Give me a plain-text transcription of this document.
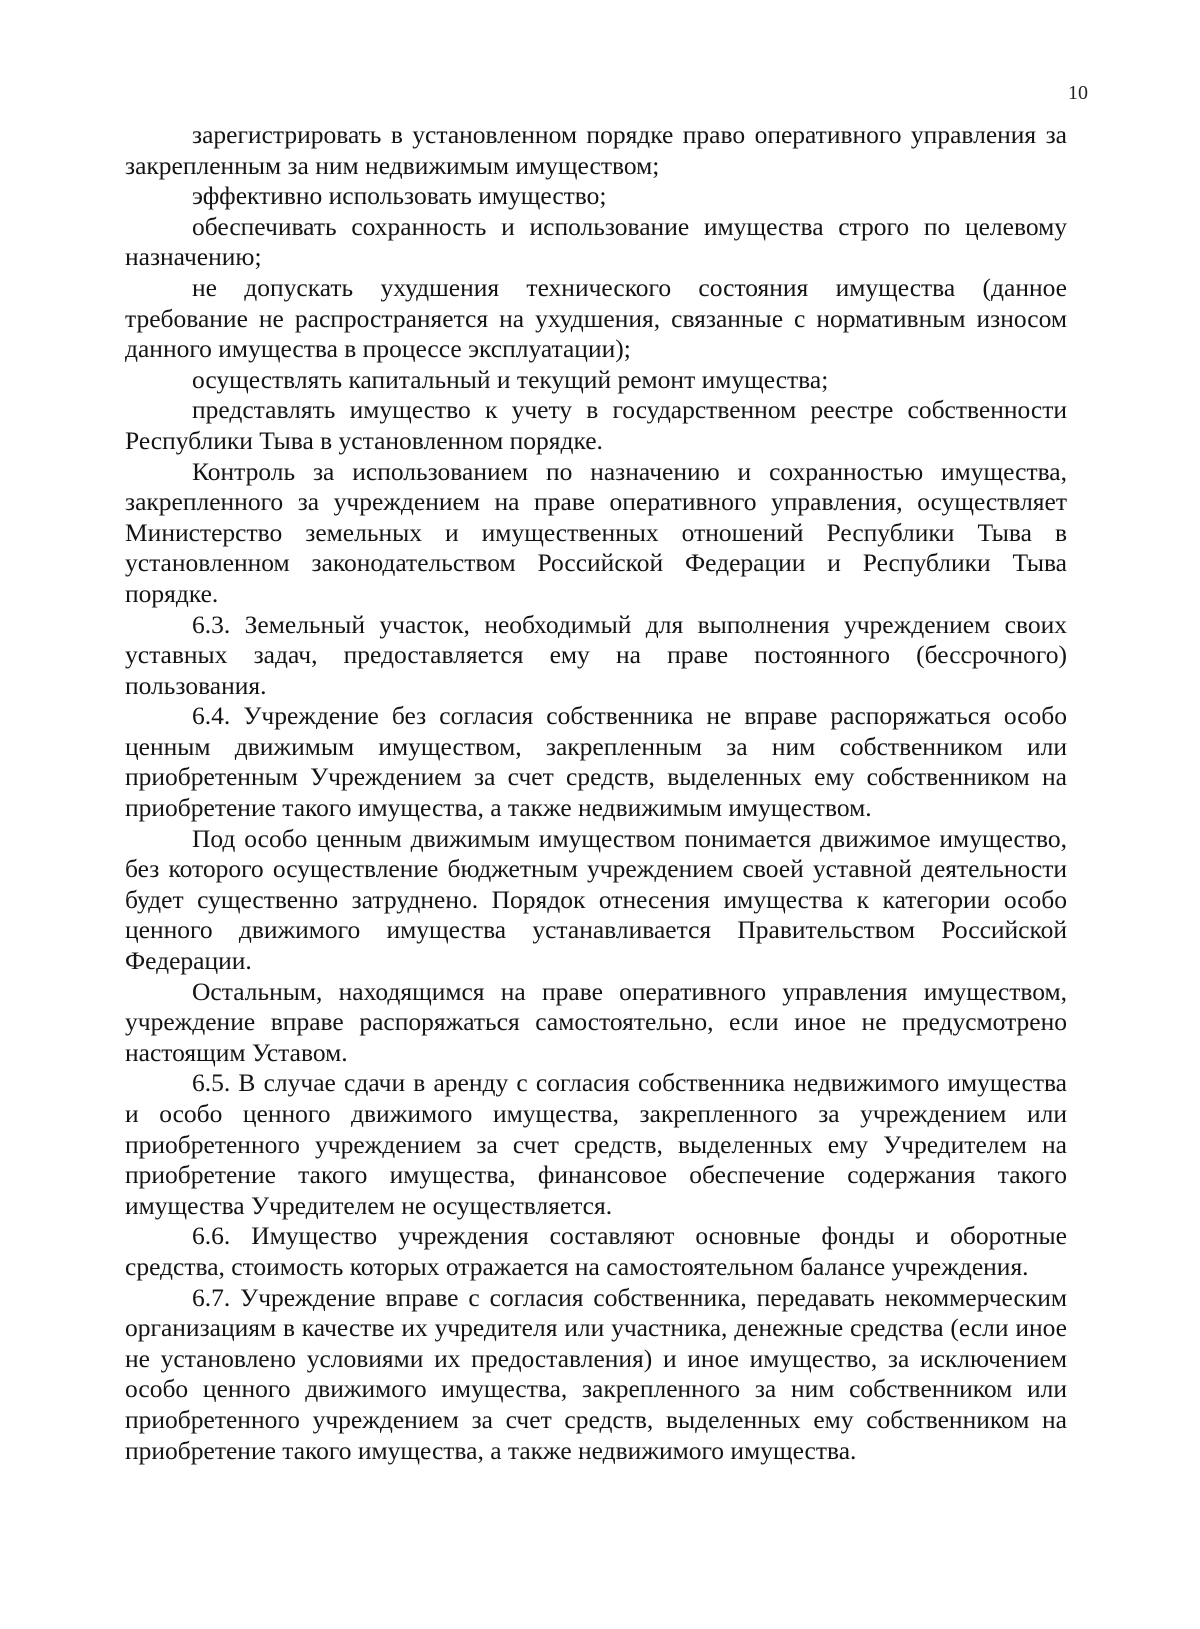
10

зарегистрировать в установленном порядке право оперативного управления за закрепленным за ним недвижимым имуществом;

эффективно использовать имущество;

обеспечивать сохранность и использование имущества строго по целевому назначению;

не допускать ухудшения технического состояния имущества (данное требование не распространяется на ухудшения, связанные с нормативным износом данного имущества в процессе эксплуатации);

осуществлять капитальный и текущий ремонт имущества;

представлять имущество к учету в государственном реестре собственности Республики Тыва в установленном порядке.

Контроль за использованием по назначению и сохранностью имущества, закрепленного за учреждением на праве оперативного управления, осуществляет Министерство земельных и имущественных отношений Республики Тыва в установленном законодательством Российской Федерации и Республики Тыва порядке.

6.3. Земельный участок, необходимый для выполнения учреждением своих уставных задач, предоставляется ему на праве постоянного (бессрочного) пользования.

6.4. Учреждение без согласия собственника не вправе распоряжаться особо ценным движимым имуществом, закрепленным за ним собственником или приобретенным Учреждением за счет средств, выделенных ему собственником на приобретение такого имущества, а также недвижимым имуществом.

Под особо ценным движимым имуществом понимается движимое имущество, без которого осуществление бюджетным учреждением своей уставной деятельности будет существенно затруднено. Порядок отнесения имущества к категории особо ценного движимого имущества устанавливается Правительством Российской Федерации.

Остальным, находящимся на праве оперативного управления имуществом, учреждение вправе распоряжаться самостоятельно, если иное не предусмотрено настоящим Уставом.

6.5. В случае сдачи в аренду с согласия собственника недвижимого имущества и особо ценного движимого имущества, закрепленного за учреждением или приобретенного учреждением за счет средств, выделенных ему Учредителем на приобретение такого имущества, финансовое обеспечение содержания такого имущества Учредителем не осуществляется.

6.6. Имущество учреждения составляют основные фонды и оборотные средства, стоимость которых отражается на самостоятельном балансе учреждения.

6.7. Учреждение вправе с согласия собственника, передавать некоммерческим организациям в качестве их учредителя или участника, денежные средства (если иное не установлено условиями их предоставления) и иное имущество, за исключением особо ценного движимого имущества, закрепленного за ним собственником или приобретенного учреждением за счет средств, выделенных ему собственником на приобретение такого имущества, а также недвижимого имущества.
